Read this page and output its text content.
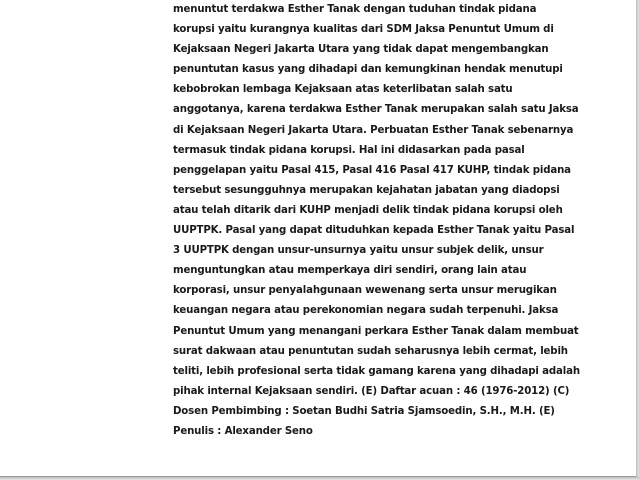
menuntut terdakwa Esther Tanak dengan tuduhan tindak pidana
korupsi yaitu kurangnya kualitas dari SDM Jaksa Penuntut Umum di
Kejaksaan Negeri Jakarta Utara yang tidak dapat mengembangkan
penuntutan kasus yang dihadapi dan kemungkinan hendak menutupi
kebobrokan lembaga Kejaksaan atas keterlibatan salah satu
anggotanya, karena terdakwa Esther Tanak merupakan salah satu Jaksa
di Kejaksaan Negeri Jakarta Utara. Perbuatan Esther Tanak sebenarnya
termasuk tindak pidana korupsi. Hal ini didasarkan pada pasal
penggelapan yaitu Pasal 415, Pasal 416 Pasal 417 KUHP, tindak pidana
tersebut sesungguhnya merupakan kejahatan jabatan yang diadopsi
atau telah ditarik dari KUHP menjadi delik tindak pidana korupsi oleh
UUPTPK. Pasal yang dapat dituduhkan kepada Esther Tanak yaitu Pasal
3 UUPTPK dengan unsur-unsurnya yaitu unsur subjek delik, unsur
menguntungkan atau memperkaya diri sendiri, orang lain atau
korporasi, unsur penyalahgunaan wewenang serta unsur merugikan
keuangan negara atau perekonomian negara sudah terpenuhi. Jaksa
Penuntut Umum yang menangani perkara Esther Tanak dalam membuat
surat dakwaan atau penuntutan sudah seharusnya lebih cermat, lebih
teliti, lebih profesional serta tidak gamang karena yang dihadapi adalah
pihak internal Kejaksaan sendiri. (E) Daftar acuan : 46 (1976-2012) (C)
Dosen Pembimbing : Soetan Budhi Satria Sjamsoedin, S.H., M.H. (E)
Penulis : Alexander Seno
